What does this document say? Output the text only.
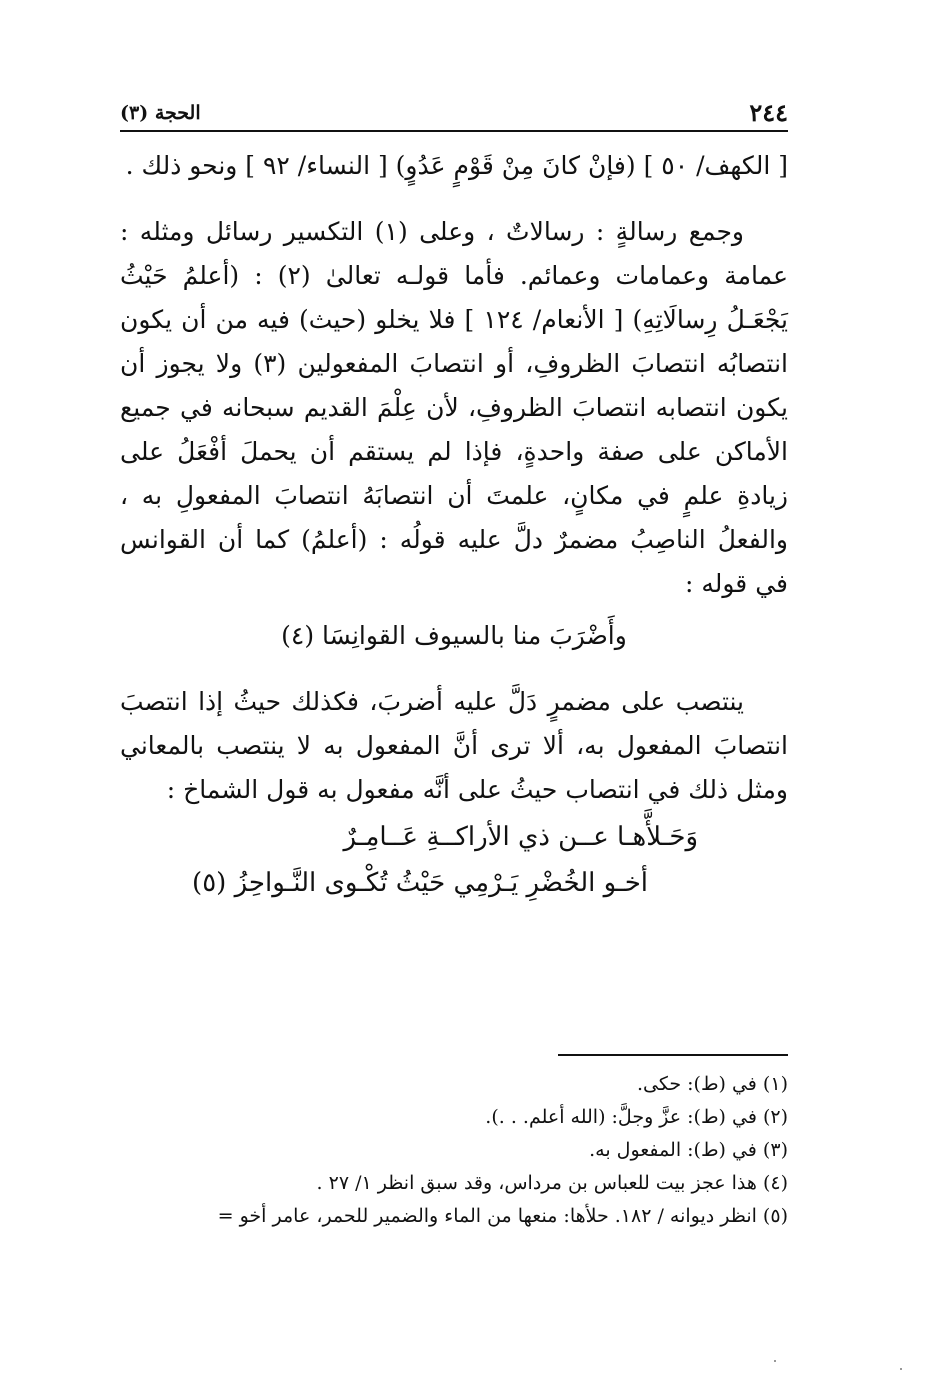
٢٤٤
الحجة (٣)

[ الكهف/ ٥٠ ] (فإنْ كانَ مِنْ قَوْمٍ عَدُوٍ) [ النساء/ ٩٢ ] ونحو ذلك .

وجمع رسالةٍ : رسالاتٌ ، وعلى (١) التكسير رسائل ومثله : عمامة وعمامات وعمائم. فأما قولـه تعالىٰ (٢) : (أعلمُ حَيْثُ يَجْعَـلُ رِسالَاتِهِ) [ الأنعام/ ١٢٤ ] فلا يخلو (حيث) فيه من أن يكون انتصابُه انتصابَ الظروفِ، أو انتصابَ المفعولين (٣) ولا يجوز أن يكون انتصابه انتصابَ الظروفِ، لأن عِلْمَ القديم سبحانه في جميع الأماكن على صفة واحدةٍ، فإذا لم يستقم أن يحملَ أفْعَلُ على زيادةِ علمٍ في مكانٍ، علمتَ أن انتصابَهُ انتصابَ المفعولِ به ، والفعلُ الناصِبُ مضمرٌ دلَّ عليه قولُه : (أعلمُ) كما أن القوانس في قوله :

وأَضْرَبَ منا بالسيوف القوانِسَا (٤)

ينتصب على مضمرٍ دَلَّ عليه أضربَ، فكذلك حيثُ إذا انتصبَ انتصابَ المفعول به، ألا ترى أنَّ المفعول به لا ينتصب بالمعاني ومثل ذلك في انتصاب حيثُ على أنَّه مفعول به قول الشماخ :

وَحَـلأَّهـا عــن ذي الأراكــةِ عَــامِـرٌ

أخـو الخُضْرِ يَـرْمِي حَيْثُ تُكْـوى النَّـواحِزُ (٥)

(١) في (ط): حكى.

(٢) في (ط): عزَّ وجلَّ: (الله أعلم. . .).

(٣) في (ط): المفعول به.

(٤) هذا عجز بيت للعباس بن مرداس، وقد سبق انظر ١/ ٢٧ .

(٥) انظر ديوانه / ١٨٢. حلأها: منعها من الماء والضمير للحمر، عامر أخو =
